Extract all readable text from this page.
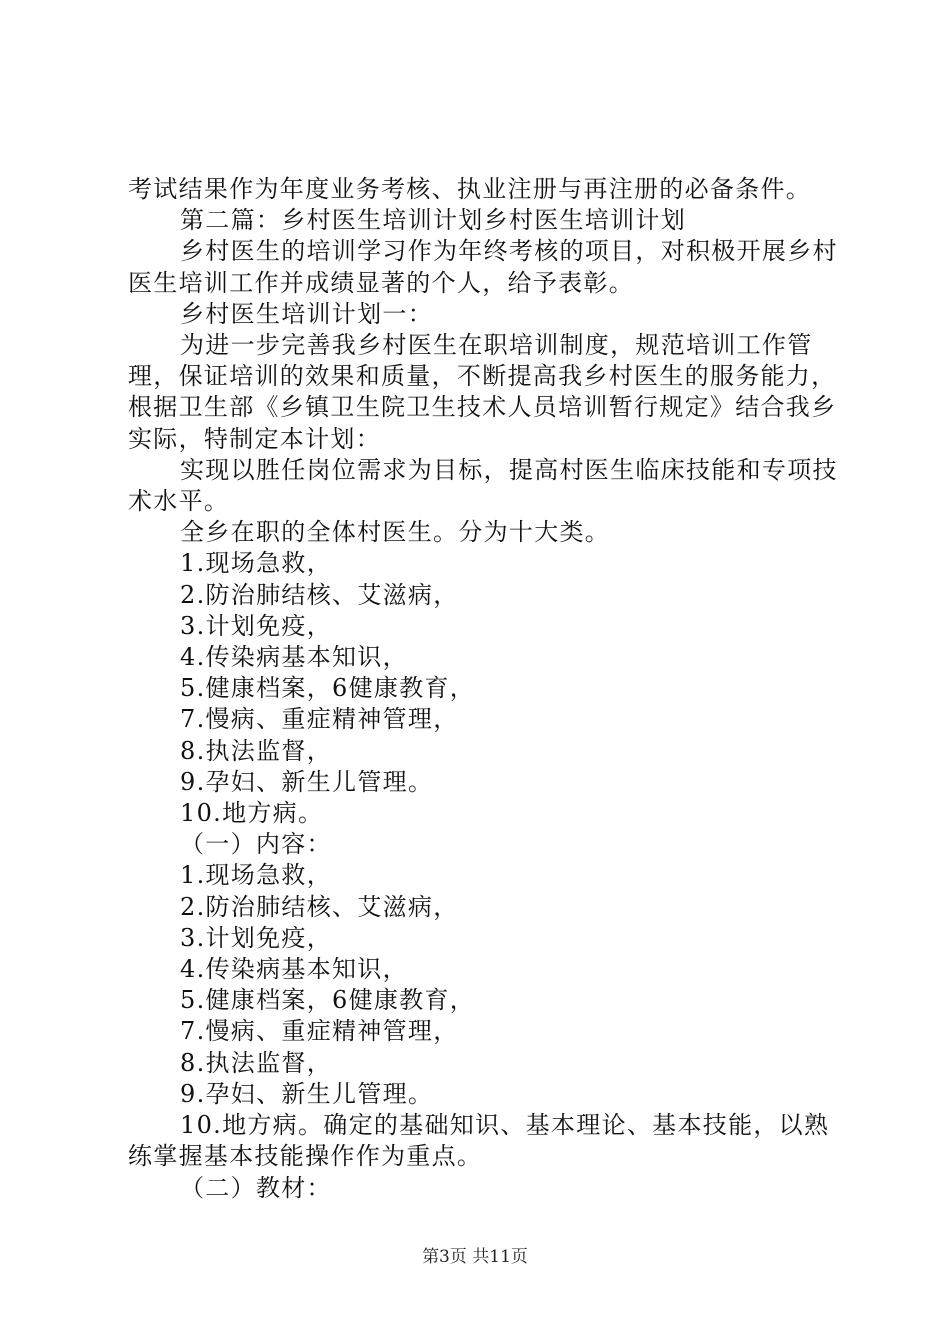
考试结果作为年度业务考核、执业注册与再注册的必备条件。

第二篇：乡村医生培训计划乡村医生培训计划

乡村医生的培训学习作为年终考核的项目，对积极开展乡村医生培训工作并成绩显著的个人，给予表彰。

乡村医生培训计划一：

为进一步完善我乡村医生在职培训制度，规范培训工作管理，保证培训的效果和质量，不断提高我乡村医生的服务能力，根据卫生部《乡镇卫生院卫生技术人员培训暂行规定》结合我乡实际，特制定本计划：

实现以胜任岗位需求为目标，提高村医生临床技能和专项技术水平。

全乡在职的全体村医生。分为十大类。

1.现场急救，

2.防治肺结核、艾滋病，

3.计划免疫，

4.传染病基本知识，

5.健康档案，6健康教育，

7.慢病、重症精神管理，

8.执法监督，

9.孕妇、新生儿管理。

10.地方病。

（一）内容：

1.现场急救，

2.防治肺结核、艾滋病，

3.计划免疫，

4.传染病基本知识，

5.健康档案，6健康教育，

7.慢病、重症精神管理，

8.执法监督，

9.孕妇、新生儿管理。

10.地方病。确定的基础知识、基本理论、基本技能，以熟练掌握基本技能操作作为重点。

（二）教材：

第3页 共11页
